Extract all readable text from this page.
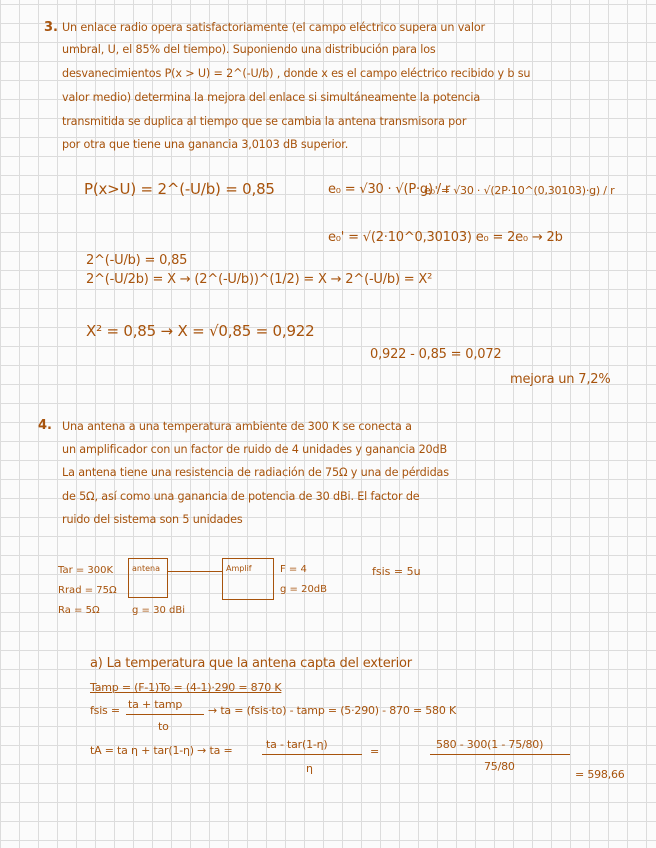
3. Un enlace radio opera satisfactoriamente (el campo eléctrico supera un valor
umbral, U, el 85% del tiempo). Suponiendo una distribución para los
desvanecimientos P(x > U) = 2^(-U/b) , donde x es el campo eléctrico recibido y b su
valor medio) determina la mejora del enlace si simultáneamente la potencia
transmitida se duplica al tiempo que se cambia la antena transmisora por
por otra que tiene una ganancia 3,0103 dB superior.
P(x>U) = 2^(-U/b) = 0,85	e₀ = √30 · √(P·g) / r
e₀' = √30 · √(2P·10^(0,30103)·g) / r
e₀' = √(2·10^0,30103) e₀ = 2e₀ → 2b
2^(-U/b) = 0,85
2^(-U/2b) = X → (2^(-U/b))^(1/2) = X → 2^(-U/b) = X²
X² = 0,85 → X = √0,85 = 0,922
0,922 - 0,85 = 0,072
mejora un 7,2%
4. Una antena a una temperatura ambiente de 300 K se conecta a
un amplificador con un factor de ruido de 4 unidades y ganancia 20dB
La antena tiene una resistencia de radiación de 75Ω y una de pérdidas
de 5Ω, así como una ganancia de potencia de 30 dBi. El factor de
ruido del sistema son 5 unidades
Tar = 300K
Rrad = 75Ω
Ra = 5Ω
antena
g = 30 dBi
Amplif	F = 4
g = 20dB
fsis = 5u
a) La temperatura que la antena capta del exterior
Tamp = (F-1)To = (4-1)·290 = 870 K
fsis = ta + tamp
to
→ ta = (fsis·to) - tamp = (5·290) - 870 = 580 K
tA = ta η + tar(1-η) → ta =	ta - tar(1-η)
η
=
580 - 300(1 - 75/80)
75/80
= 598,66
